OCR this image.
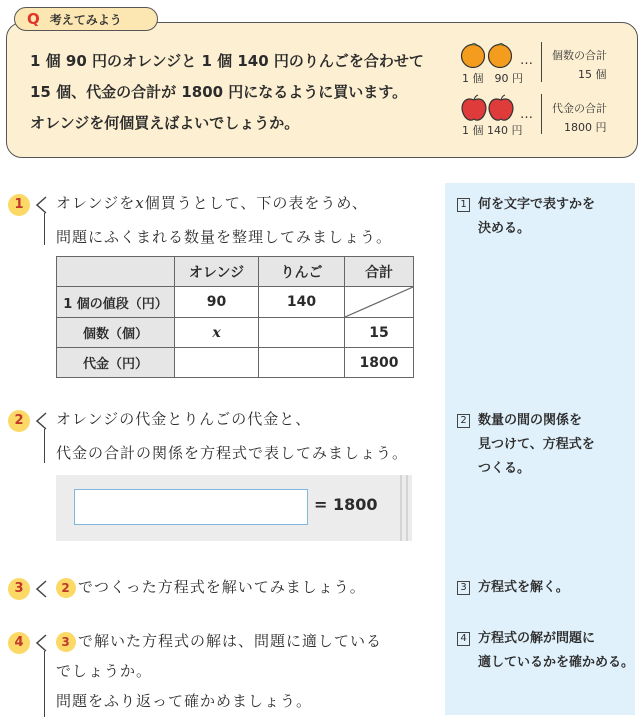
Q 考えてみよう
1 個 90 円のオレンジと 1 個 140 円のりんごを合わせて
15 個、代金の合計が 1800 円になるように買います。
オレンジを何個買えばよいでしょうか。
…
1 個　90 円
…
1 個 140 円
個数の合計
15 個
代金の合計
1800 円
1 何を文字で表すかを
決める。
2 数量の間の関係を
見つけて、方程式を
つくる。
3 方程式を解く。
4 方程式の解が問題に
適しているかを確かめる。
1	オレンジをx個買うとして、下の表をうめ、
問題にふくまれる数量を整理してみましょう。
	オレンジ	りんご	合計
1 個の値段（円）	90	140	

個数（個）	x		15
代金（円）			1800
2	オレンジの代金とりんごの代金と、
代金の合計の関係を方程式で表してみましょう。
= 1800
3	2 でつくった方程式を解いてみましょう。
4	3 で解いた方程式の解は、問題に適している
でしょうか。
問題をふり返って確かめましょう。
